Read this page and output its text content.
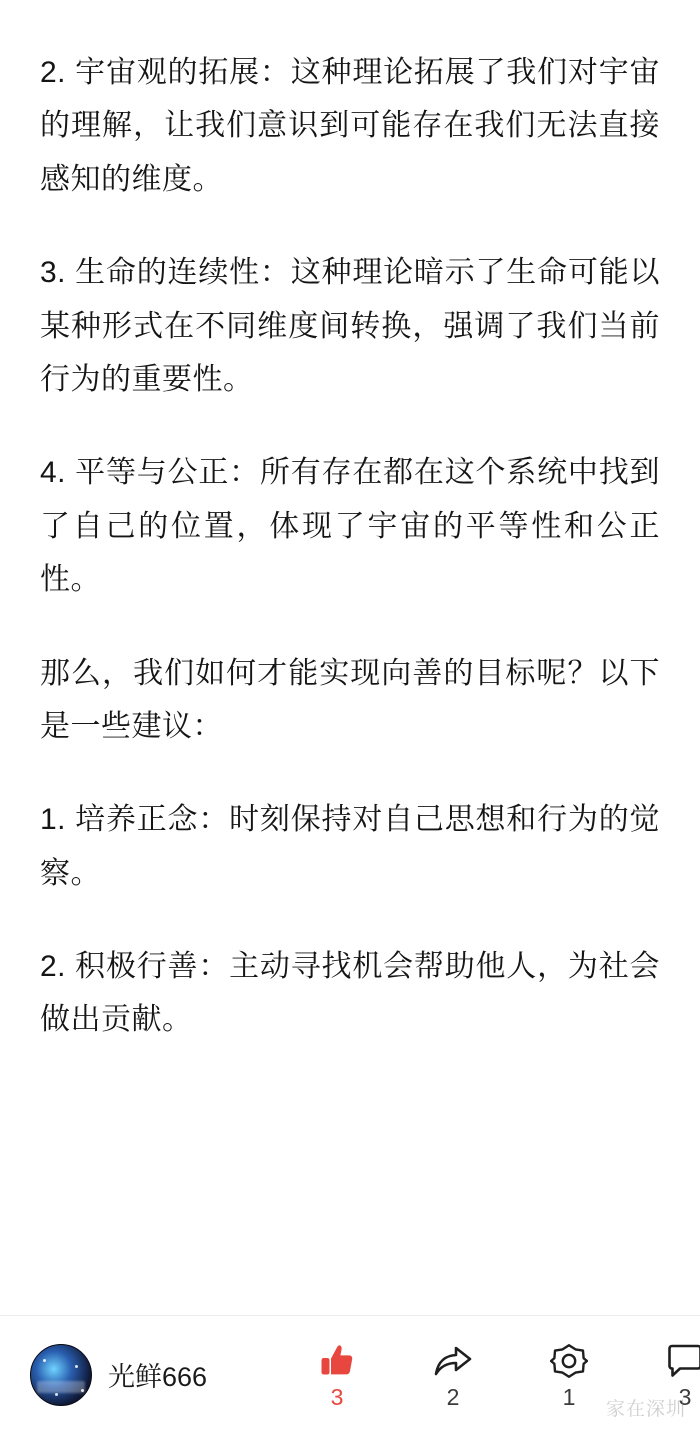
2. 宇宙观的拓展：这种理论拓展了我们对宇宙的理解，让我们意识到可能存在我们无法直接感知的维度。

3. 生命的连续性：这种理论暗示了生命可能以某种形式在不同维度间转换，强调了我们当前行为的重要性。

4. 平等与公正：所有存在都在这个系统中找到了自己的位置，体现了宇宙的平等性和公正性。

那么，我们如何才能实现向善的目标呢？以下是一些建议：

1. 培养正念：时刻保持对自己思想和行为的觉察。

2. 积极行善：主动寻找机会帮助他人，为社会做出贡献。

光鲜666
3	2	1	3
家在深圳
